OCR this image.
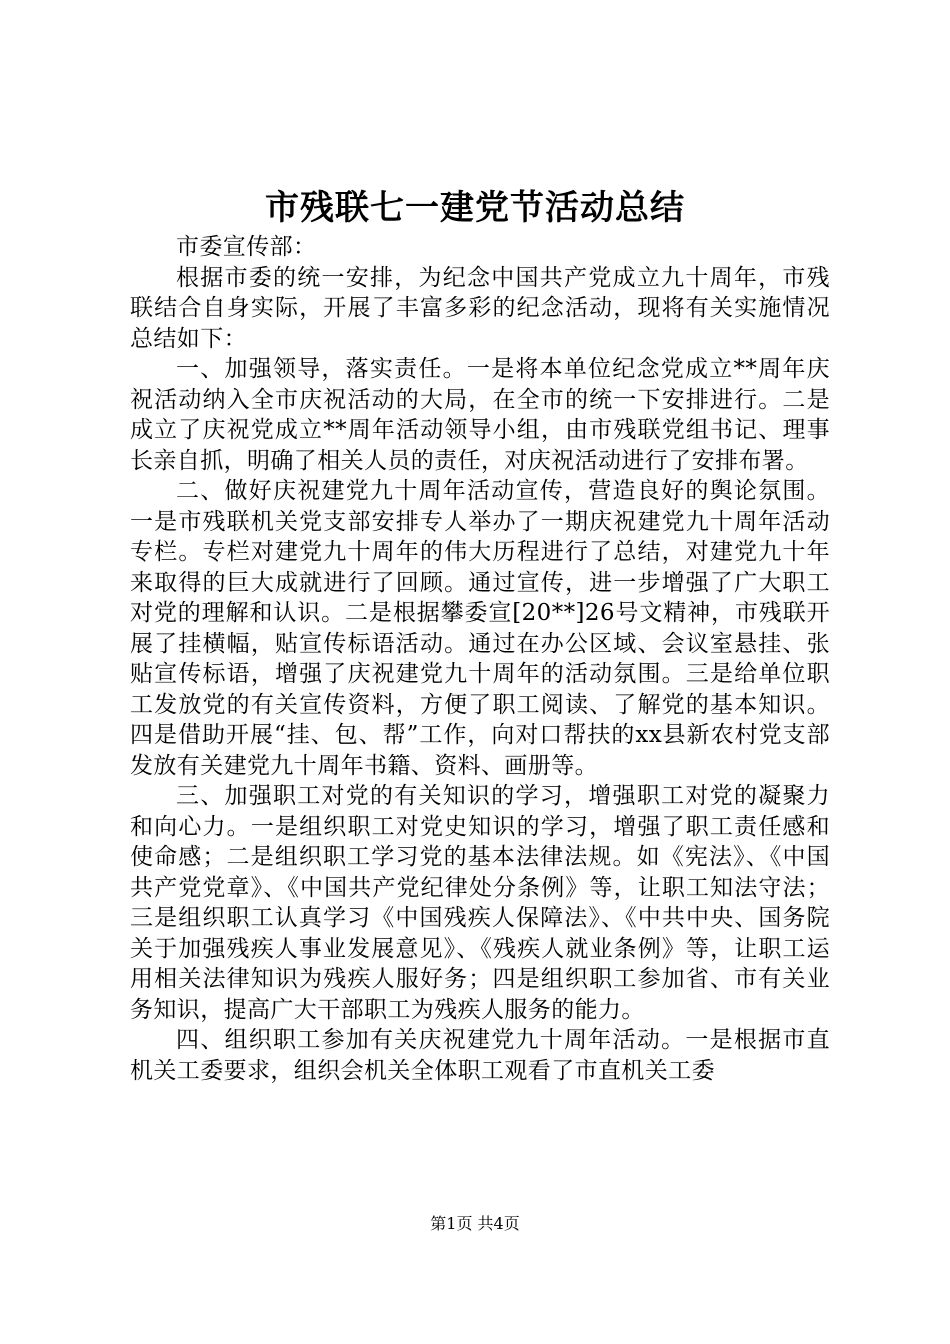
市残联七一建党节活动总结

市委宣传部：

根据市委的统一安排，为纪念中国共产党成立九十周年，市残联结合自身实际，开展了丰富多彩的纪念活动，现将有关实施情况总结如下：

一、加强领导，落实责任。一是将本单位纪念党成立**周年庆祝活动纳入全市庆祝活动的大局，在全市的统一下安排进行。二是成立了庆祝党成立**周年活动领导小组，由市残联党组书记、理事长亲自抓，明确了相关人员的责任，对庆祝活动进行了安排布署。

二、做好庆祝建党九十周年活动宣传，营造良好的舆论氛围。一是市残联机关党支部安排专人举办了一期庆祝建党九十周年活动专栏。专栏对建党九十周年的伟大历程进行了总结，对建党九十年来取得的巨大成就进行了回顾。通过宣传，进一步增强了广大职工对党的理解和认识。二是根据攀委宣[20**]26号文精神，市残联开展了挂横幅，贴宣传标语活动。通过在办公区域、会议室悬挂、张贴宣传标语，增强了庆祝建党九十周年的活动氛围。三是给单位职工发放党的有关宣传资料，方便了职工阅读、了解党的基本知识。四是借助开展“挂、包、帮”工作，向对口帮扶的xx县新农村党支部发放有关建党九十周年书籍、资料、画册等。

三、加强职工对党的有关知识的学习，增强职工对党的凝聚力和向心力。一是组织职工对党史知识的学习，增强了职工责任感和使命感；二是组织职工学习党的基本法律法规。如《宪法》、《中国共产党党章》、《中国共产党纪律处分条例》等，让职工知法守法；三是组织职工认真学习《中国残疾人保障法》、《中共中央、国务院关于加强残疾人事业发展意见》、《残疾人就业条例》等，让职工运用相关法律知识为残疾人服好务；四是组织职工参加省、市有关业务知识，提高广大干部职工为残疾人服务的能力。

四、组织职工参加有关庆祝建党九十周年活动。一是根据市直机关工委要求，组织会机关全体职工观看了市直机关工委

第1页 共4页
